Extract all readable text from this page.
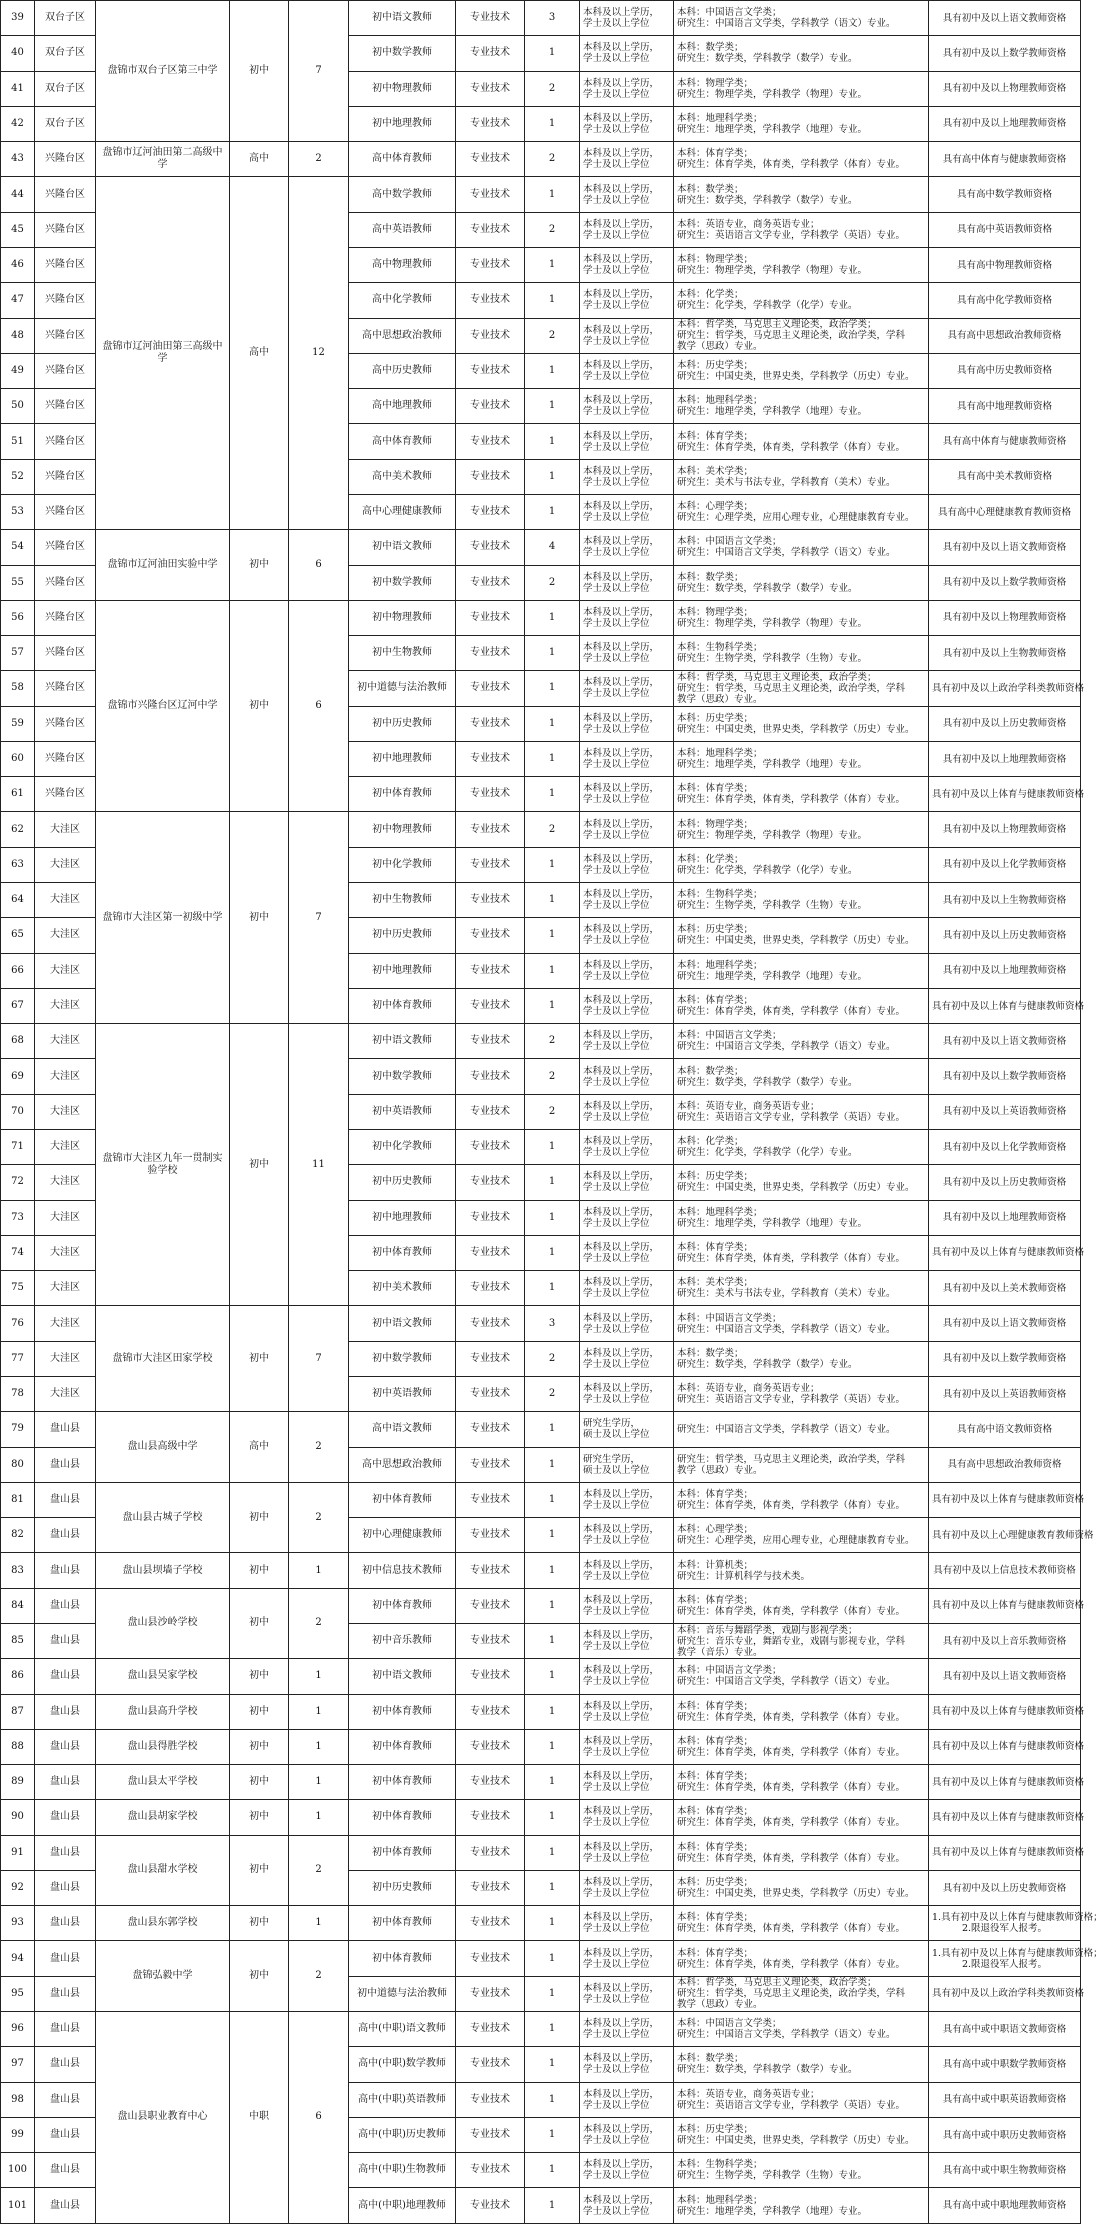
39	双台子区	盘锦市双台子区第三中学	初中	7	初中语文教师	专业技术	3	本科及以上学历，
学士及以上学位	本科：中国语言文学类；
研究生：中国语言文学类，学科教学（语文）专业。	具有初中及以上语文教师资格

40	双台子区				初中数学教师	专业技术	1	本科及以上学历，
学士及以上学位	本科：数学类；
研究生：数学类，学科教学（数学）专业。	具有初中及以上数学教师资格

41	双台子区				初中物理教师	专业技术	2	本科及以上学历，
学士及以上学位	本科：物理学类；
研究生：物理学类，学科教学（物理）专业。	具有初中及以上物理教师资格

42	双台子区				初中地理教师	专业技术	1	本科及以上学历，
学士及以上学位	本科：地理科学类；
研究生：地理学类，学科教学（地理）专业。	具有初中及以上地理教师资格

43	兴隆台区	盘锦市辽河油田第二高级中学	高中	2	高中体育教师	专业技术	2	本科及以上学历，
学士及以上学位	本科：体育学类；
研究生：体育学类，体育类，学科教学（体育）专业。	具有高中体育与健康教师资格

44	兴隆台区	盘锦市辽河油田第三高级中学	高中	12	高中数学教师	专业技术	1	本科及以上学历，
学士及以上学位	本科：数学类；
研究生：数学类，学科教学（数学）专业。	具有高中数学教师资格

45	兴隆台区				高中英语教师	专业技术	2	本科及以上学历，
学士及以上学位	本科：英语专业，商务英语专业；
研究生：英语语言文学专业，学科教学（英语）专业。	具有高中英语教师资格

46	兴隆台区				高中物理教师	专业技术	1	本科及以上学历，
学士及以上学位	本科：物理学类；
研究生：物理学类，学科教学（物理）专业。	具有高中物理教师资格

47	兴隆台区				高中化学教师	专业技术	1	本科及以上学历，
学士及以上学位	本科：化学类；
研究生：化学类，学科教学（化学）专业。	具有高中化学教师资格

48	兴隆台区				高中思想政治教师	专业技术	2	本科及以上学历，
学士及以上学位	本科：哲学类，马克思主义理论类，政治学类；
研究生：哲学类，马克思主义理论类，政治学类，学科
教学（思政）专业。	具有高中思想政治教师资格

49	兴隆台区				高中历史教师	专业技术	1	本科及以上学历，
学士及以上学位	本科：历史学类；
研究生：中国史类，世界史类，学科教学（历史）专业。	具有高中历史教师资格

50	兴隆台区				高中地理教师	专业技术	1	本科及以上学历，
学士及以上学位	本科：地理科学类；
研究生：地理学类，学科教学（地理）专业。	具有高中地理教师资格

51	兴隆台区				高中体育教师	专业技术	1	本科及以上学历，
学士及以上学位	本科：体育学类；
研究生：体育学类，体育类，学科教学（体育）专业。	具有高中体育与健康教师资格

52	兴隆台区				高中美术教师	专业技术	1	本科及以上学历，
学士及以上学位	本科：美术学类；
研究生：美术与书法专业，学科教育（美术）专业。	具有高中美术教师资格

53	兴隆台区				高中心理健康教师	专业技术	1	本科及以上学历，
学士及以上学位	本科：心理学类；
研究生：心理学类，应用心理专业，心理健康教育专业。	具有高中心理健康教育教师资格

54	兴隆台区	盘锦市辽河油田实验中学	初中	6	初中语文教师	专业技术	4	本科及以上学历，
学士及以上学位	本科：中国语言文学类；
研究生：中国语言文学类，学科教学（语文）专业。	具有初中及以上语文教师资格

55	兴隆台区				初中数学教师	专业技术	2	本科及以上学历，
学士及以上学位	本科：数学类；
研究生：数学类，学科教学（数学）专业。	具有初中及以上数学教师资格

56	兴隆台区	盘锦市兴隆台区辽河中学	初中	6	初中物理教师	专业技术	1	本科及以上学历，
学士及以上学位	本科：物理学类；
研究生：物理学类，学科教学（物理）专业。	具有初中及以上物理教师资格

57	兴隆台区				初中生物教师	专业技术	1	本科及以上学历，
学士及以上学位	本科：生物科学类；
研究生：生物学类，学科教学（生物）专业。	具有初中及以上生物教师资格

58	兴隆台区				初中道德与法治教师	专业技术	1	本科及以上学历，
学士及以上学位	本科：哲学类，马克思主义理论类，政治学类；
研究生：哲学类，马克思主义理论类，政治学类，学科
教学（思政）专业。	具有初中及以上政治学科类教师资格

59	兴隆台区				初中历史教师	专业技术	1	本科及以上学历，
学士及以上学位	本科：历史学类；
研究生：中国史类，世界史类，学科教学（历史）专业。	具有初中及以上历史教师资格

60	兴隆台区				初中地理教师	专业技术	1	本科及以上学历，
学士及以上学位	本科：地理科学类；
研究生：地理学类，学科教学（地理）专业。	具有初中及以上地理教师资格

61	兴隆台区				初中体育教师	专业技术	1	本科及以上学历，
学士及以上学位	本科：体育学类；
研究生：体育学类，体育类，学科教学（体育）专业。	具有初中及以上体育与健康教师资格

62	大洼区	盘锦市大洼区第一初级中学	初中	7	初中物理教师	专业技术	2	本科及以上学历，
学士及以上学位	本科：物理学类；
研究生：物理学类，学科教学（物理）专业。	具有初中及以上物理教师资格

63	大洼区				初中化学教师	专业技术	1	本科及以上学历，
学士及以上学位	本科：化学类；
研究生：化学类，学科教学（化学）专业。	具有初中及以上化学教师资格

64	大洼区				初中生物教师	专业技术	1	本科及以上学历，
学士及以上学位	本科：生物科学类；
研究生：生物学类，学科教学（生物）专业。	具有初中及以上生物教师资格

65	大洼区				初中历史教师	专业技术	1	本科及以上学历，
学士及以上学位	本科：历史学类；
研究生：中国史类，世界史类，学科教学（历史）专业。	具有初中及以上历史教师资格

66	大洼区				初中地理教师	专业技术	1	本科及以上学历，
学士及以上学位	本科：地理科学类；
研究生：地理学类，学科教学（地理）专业。	具有初中及以上地理教师资格

67	大洼区				初中体育教师	专业技术	1	本科及以上学历，
学士及以上学位	本科：体育学类；
研究生：体育学类，体育类，学科教学（体育）专业。	具有初中及以上体育与健康教师资格

68	大洼区	盘锦市大洼区九年一贯制实验学校	初中	11	初中语文教师	专业技术	2	本科及以上学历，
学士及以上学位	本科：中国语言文学类；
研究生：中国语言文学类，学科教学（语文）专业。	具有初中及以上语文教师资格

69	大洼区				初中数学教师	专业技术	2	本科及以上学历，
学士及以上学位	本科：数学类；
研究生：数学类，学科教学（数学）专业。	具有初中及以上数学教师资格

70	大洼区				初中英语教师	专业技术	2	本科及以上学历，
学士及以上学位	本科：英语专业，商务英语专业；
研究生：英语语言文学专业，学科教学（英语）专业。	具有初中及以上英语教师资格

71	大洼区				初中化学教师	专业技术	1	本科及以上学历，
学士及以上学位	本科：化学类；
研究生：化学类，学科教学（化学）专业。	具有初中及以上化学教师资格

72	大洼区				初中历史教师	专业技术	1	本科及以上学历，
学士及以上学位	本科：历史学类；
研究生：中国史类，世界史类，学科教学（历史）专业。	具有初中及以上历史教师资格

73	大洼区				初中地理教师	专业技术	1	本科及以上学历，
学士及以上学位	本科：地理科学类；
研究生：地理学类，学科教学（地理）专业。	具有初中及以上地理教师资格

74	大洼区				初中体育教师	专业技术	1	本科及以上学历，
学士及以上学位	本科：体育学类；
研究生：体育学类，体育类，学科教学（体育）专业。	具有初中及以上体育与健康教师资格

75	大洼区				初中美术教师	专业技术	1	本科及以上学历，
学士及以上学位	本科：美术学类；
研究生：美术与书法专业，学科教育（美术）专业。	具有初中及以上美术教师资格

76	大洼区	盘锦市大洼区田家学校	初中	7	初中语文教师	专业技术	3	本科及以上学历，
学士及以上学位	本科：中国语言文学类；
研究生：中国语言文学类，学科教学（语文）专业。	具有初中及以上语文教师资格

77	大洼区				初中数学教师	专业技术	2	本科及以上学历，
学士及以上学位	本科：数学类；
研究生：数学类，学科教学（数学）专业。	具有初中及以上数学教师资格

78	大洼区				初中英语教师	专业技术	2	本科及以上学历，
学士及以上学位	本科：英语专业，商务英语专业；
研究生：英语语言文学专业，学科教学（英语）专业。	具有初中及以上英语教师资格

79	盘山县	盘山县高级中学	高中	2	高中语文教师	专业技术	1	研究生学历，
硕士及以上学位	研究生：中国语言文学类，学科教学（语文）专业。	具有高中语文教师资格

80	盘山县				高中思想政治教师	专业技术	1	研究生学历，
硕士及以上学位	研究生：哲学类，马克思主义理论类，政治学类，学科
教学（思政）专业。	具有高中思想政治教师资格

81	盘山县	盘山县古城子学校	初中	2	初中体育教师	专业技术	1	本科及以上学历，
学士及以上学位	本科：体育学类；
研究生：体育学类，体育类，学科教学（体育）专业。	具有初中及以上体育与健康教师资格

82	盘山县				初中心理健康教师	专业技术	1	本科及以上学历，
学士及以上学位	本科：心理学类；
研究生：心理学类，应用心理专业，心理健康教育专业。	具有初中及以上心理健康教育教师资格

83	盘山县	盘山县坝墙子学校	初中	1	初中信息技术教师	专业技术	1	本科及以上学历，
学士及以上学位	本科：计算机类；
研究生：计算机科学与技术类。	具有初中及以上信息技术教师资格

84	盘山县	盘山县沙岭学校	初中	2	初中体育教师	专业技术	1	本科及以上学历，
学士及以上学位	本科：体育学类；
研究生：体育学类，体育类，学科教学（体育）专业。	具有初中及以上体育与健康教师资格

85	盘山县				初中音乐教师	专业技术	1	本科及以上学历，
学士及以上学位	本科：音乐与舞蹈学类，戏剧与影视学类；
研究生：音乐专业，舞蹈专业，戏剧与影视专业，学科
教学（音乐）专业。	具有初中及以上音乐教师资格

86	盘山县	盘山县吴家学校	初中	1	初中语文教师	专业技术	1	本科及以上学历，
学士及以上学位	本科：中国语言文学类；
研究生：中国语言文学类，学科教学（语文）专业。	具有初中及以上语文教师资格

87	盘山县	盘山县高升学校	初中	1	初中体育教师	专业技术	1	本科及以上学历，
学士及以上学位	本科：体育学类；
研究生：体育学类，体育类，学科教学（体育）专业。	具有初中及以上体育与健康教师资格

88	盘山县	盘山县得胜学校	初中	1	初中体育教师	专业技术	1	本科及以上学历，
学士及以上学位	本科：体育学类；
研究生：体育学类，体育类，学科教学（体育）专业。	具有初中及以上体育与健康教师资格

89	盘山县	盘山县太平学校	初中	1	初中体育教师	专业技术	1	本科及以上学历，
学士及以上学位	本科：体育学类；
研究生：体育学类，体育类，学科教学（体育）专业。	具有初中及以上体育与健康教师资格

90	盘山县	盘山县胡家学校	初中	1	初中体育教师	专业技术	1	本科及以上学历，
学士及以上学位	本科：体育学类；
研究生：体育学类，体育类，学科教学（体育）专业。	具有初中及以上体育与健康教师资格

91	盘山县	盘山县甜水学校	初中	2	初中体育教师	专业技术	1	本科及以上学历，
学士及以上学位	本科：体育学类；
研究生：体育学类，体育类，学科教学（体育）专业。	具有初中及以上体育与健康教师资格

92	盘山县				初中历史教师	专业技术	1	本科及以上学历，
学士及以上学位	本科：历史学类；
研究生：中国史类，世界史类，学科教学（历史）专业。	具有初中及以上历史教师资格

93	盘山县	盘山县东郭学校	初中	1	初中体育教师	专业技术	1	本科及以上学历，
学士及以上学位	本科：体育学类；
研究生：体育学类，体育类，学科教学（体育）专业。	1.具有初中及以上体育与健康教师资格；
2.限退役军人报考。

94	盘山县	盘锦弘毅中学	初中	2	初中体育教师	专业技术	1	本科及以上学历，
学士及以上学位	本科：体育学类；
研究生：体育学类，体育类，学科教学（体育）专业。	1.具有初中及以上体育与健康教师资格；
2.限退役军人报考。

95	盘山县				初中道德与法治教师	专业技术	1	本科及以上学历，
学士及以上学位	本科：哲学类，马克思主义理论类，政治学类；
研究生：哲学类，马克思主义理论类，政治学类，学科
教学（思政）专业。	具有初中及以上政治学科类教师资格

96	盘山县	盘山县职业教育中心	中职	6	高中(中职)语文教师	专业技术	1	本科及以上学历，
学士及以上学位	本科：中国语言文学类；
研究生：中国语言文学类，学科教学（语文）专业。	具有高中或中职语文教师资格

97	盘山县				高中(中职)数学教师	专业技术	1	本科及以上学历，
学士及以上学位	本科：数学类；
研究生：数学类，学科教学（数学）专业。	具有高中或中职数学教师资格

98	盘山县				高中(中职)英语教师	专业技术	1	本科及以上学历，
学士及以上学位	本科：英语专业，商务英语专业；
研究生：英语语言文学专业，学科教学（英语）专业。	具有高中或中职英语教师资格

99	盘山县				高中(中职)历史教师	专业技术	1	本科及以上学历，
学士及以上学位	本科：历史学类；
研究生：中国史类，世界史类，学科教学（历史）专业。	具有高中或中职历史教师资格

100	盘山县				高中(中职)生物教师	专业技术	1	本科及以上学历，
学士及以上学位	本科：生物科学类；
研究生：生物学类，学科教学（生物）专业。	具有高中或中职生物教师资格

101	盘山县				高中(中职)地理教师	专业技术	1	本科及以上学历，
学士及以上学位	本科：地理科学类；
研究生：地理学类，学科教学（地理）专业。	具有高中或中职地理教师资格
